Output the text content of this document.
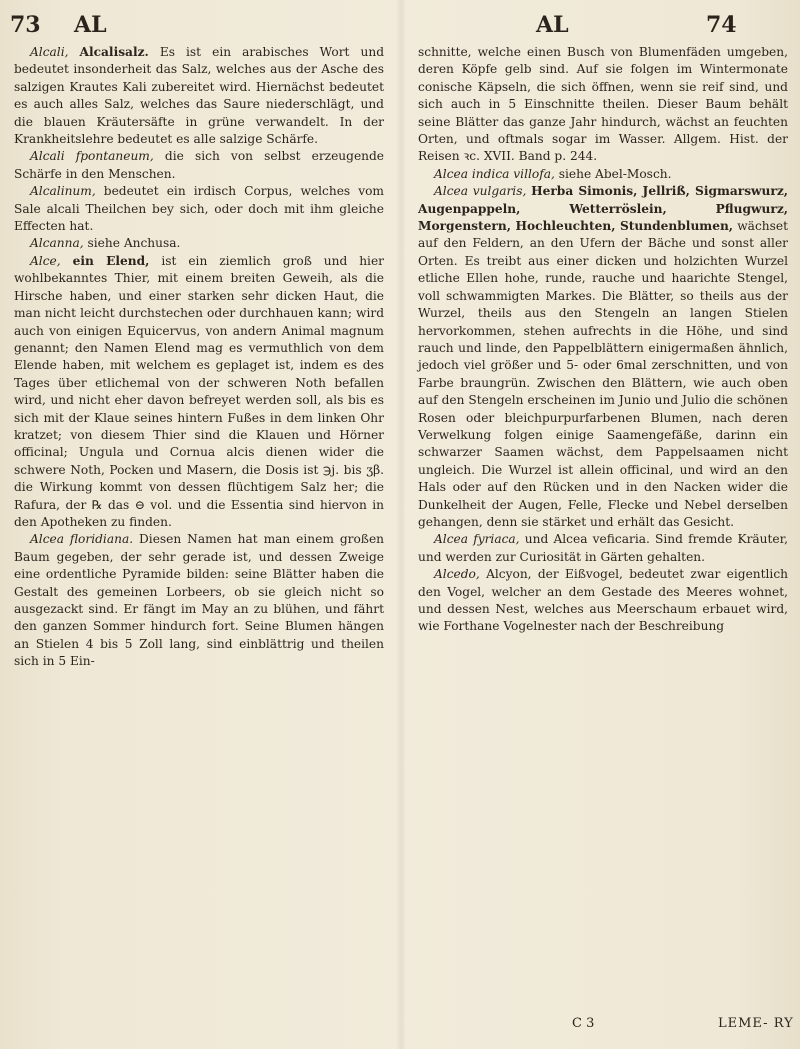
73 AL	AL	74

Alcali, Alcalisalz. Es ist ein arabisches Wort und bedeutet insonderheit das Salz, welches aus der Asche des salzigen Krautes Kali zubereitet wird. Hiernächst bedeutet es auch alles Salz, welches das Saure niederschlägt, und die blauen Kräutersäfte in grüne verwandelt. In der Krankheitslehre bedeutet es alle salzige Schärfe.

Alcali fpontaneum, die sich von selbst erzeugende Schärfe in den Menschen.

Alcalinum, bedeutet ein irdisch Corpus, welches vom Sale alcali Theilchen bey sich, oder doch mit ihm gleiche Effecten hat.

Alcanna, siehe Anchusa.

Alce, ein Elend, ist ein ziemlich groß und hier wohlbekanntes Thier, mit einem breiten Geweih, als die Hirsche haben, und einer starken sehr dicken Haut, die man nicht leicht durchstechen oder durchhauen kann; wird auch von einigen Equicervus, von andern Animal magnum genannt; den Namen Elend mag es vermuthlich von dem Elende haben, mit welchem es geplaget ist, indem es des Tages über etlichemal von der schweren Noth befallen wird, und nicht eher davon befreyet werden soll, als bis es sich mit der Klaue seines hintern Fußes in dem linken Ohr kratzet; von diesem Thier sind die Klauen und Hörner officinal; Ungula und Cornua alcis dienen wider die schwere Noth, Pocken und Masern, die Dosis ist ℈j. bis ʒβ. die Wirkung kommt von dessen flüchtigem Salz her; die Rafura, der ℞ das ⊖ vol. und die Essentia sind hiervon in den Apotheken zu finden.

Alcea floridiana. Diesen Namen hat man einem großen Baum gegeben, der sehr gerade ist, und dessen Zweige eine ordentliche Pyramide bilden: seine Blätter haben die Gestalt des gemeinen Lorbeers, ob sie gleich nicht so ausgezackt sind. Er fängt im May an zu blühen, und fährt den ganzen Sommer hindurch fort. Seine Blumen hängen an Stielen 4 bis 5 Zoll lang, sind einblättrig und theilen sich in 5 Ein-

schnitte, welche einen Busch von Blumenfäden umgeben, deren Köpfe gelb sind. Auf sie folgen im Wintermonate conische Käpseln, die sich öffnen, wenn sie reif sind, und sich auch in 5 Einschnitte theilen. Dieser Baum behält seine Blätter das ganze Jahr hindurch, wächst an feuchten Orten, und oftmals sogar im Wasser. Allgem. Hist. der Reisen ꝛc. XVII. Band p. 244.

Alcea indica villofa, siehe Abel-Mosch.

Alcea vulgaris, Herba Simonis, Jellriß, Sigmarswurz, Augenpappeln, Wetterröslein, Pflugwurz, Morgenstern, Hochleuchten, Stundenblumen, wächset auf den Feldern, an den Ufern der Bäche und sonst aller Orten. Es treibt aus einer dicken und holzichten Wurzel etliche Ellen hohe, runde, rauche und haarichte Stengel, voll schwammigten Markes. Die Blätter, so theils aus der Wurzel, theils aus den Stengeln an langen Stielen hervorkommen, stehen aufrechts in die Höhe, und sind rauch und linde, den Pappelblättern einigermaßen ähnlich, jedoch viel größer und 5- oder 6mal zerschnitten, und von Farbe braungrün. Zwischen den Blättern, wie auch oben auf den Stengeln erscheinen im Junio und Julio die schönen Rosen oder bleichpurpurfarbenen Blumen, nach deren Verwelkung folgen einige Saamengefäße, darinn ein schwarzer Saamen wächst, dem Pappelsaamen nicht ungleich. Die Wurzel ist allein officinal, und wird an den Hals oder auf den Rücken und in den Nacken wider die Dunkelheit der Augen, Felle, Flecke und Nebel derselben gehangen, denn sie stärket und erhält das Gesicht.

Alcea fyriaca, und Alcea veficaria. Sind fremde Kräuter, und werden zur Curiosität in Gärten gehalten.

Alcedo, Alcyon, der Eißvogel, bedeutet zwar eigentlich den Vogel, welcher an dem Gestade des Meeres wohnet, und dessen Nest, welches aus Meerschaum erbauet wird, wie Forthane Vogelnester nach der Beschreibung

C 3	LEME- RY
